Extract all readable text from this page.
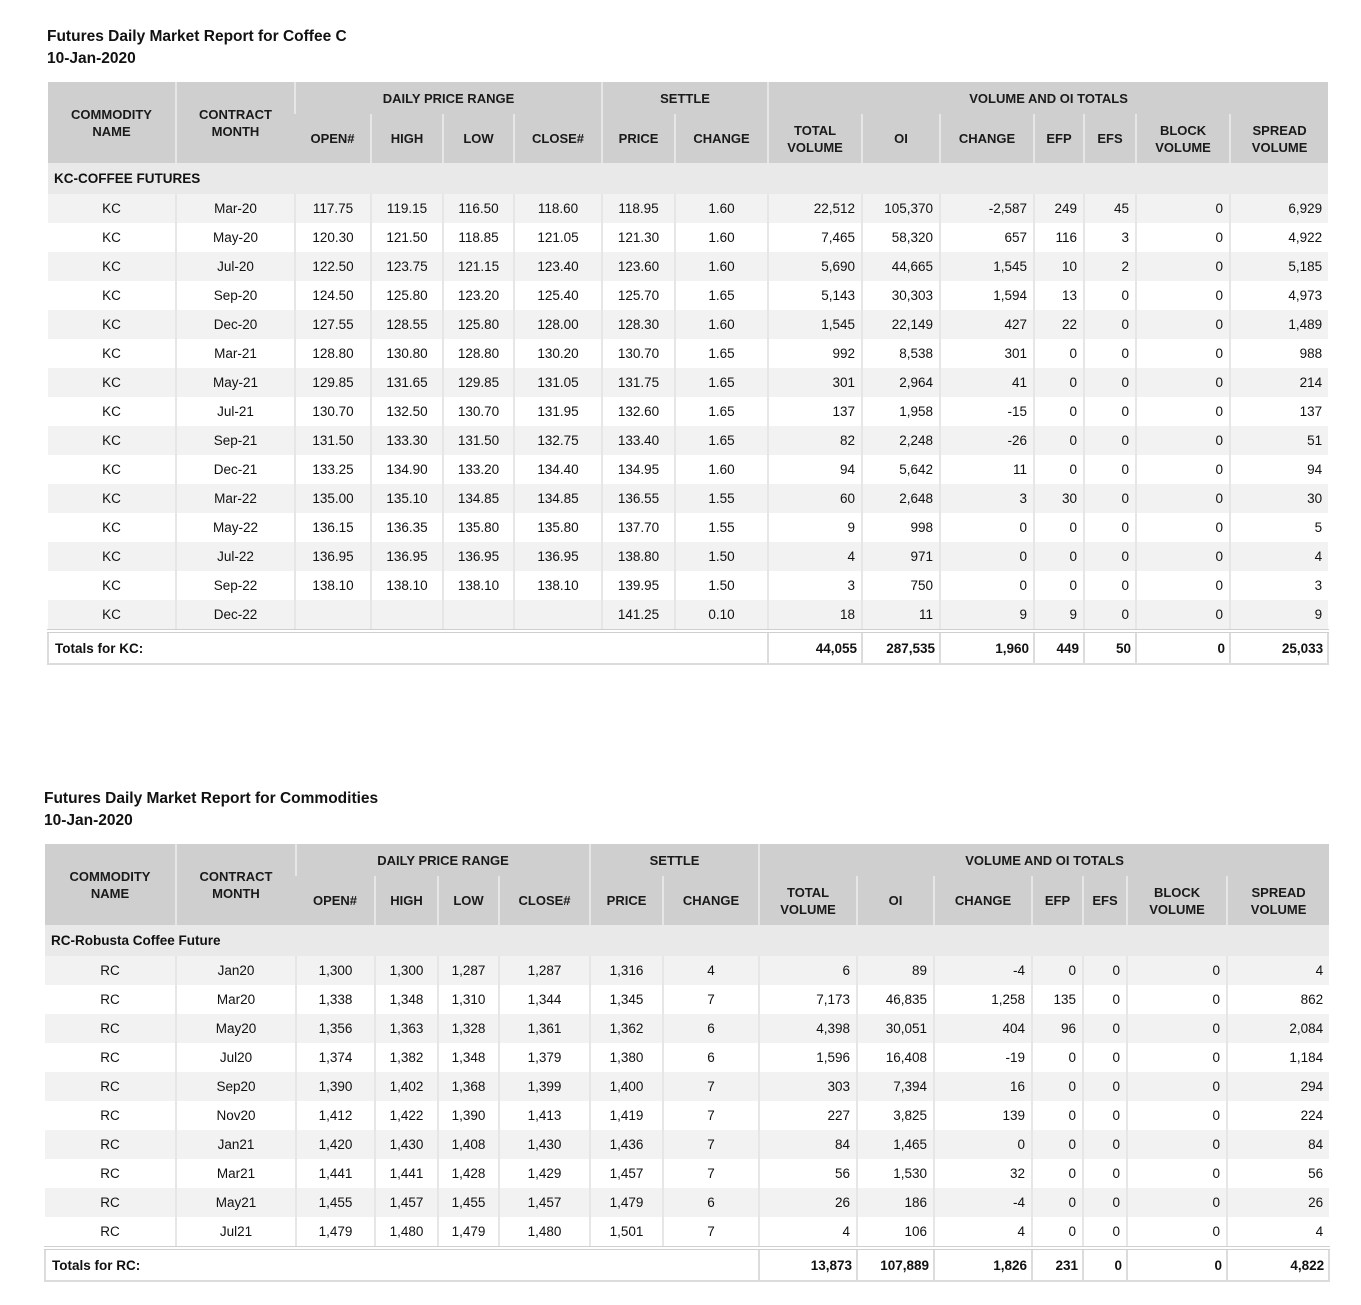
Futures Daily Market Report for Coffee C
10-Jan-2020
COMMODITY NAME	CONTRACT MONTH	DAILY PRICE RANGE				SETTLE		VOLUME AND OI TOTALS						
		OPEN#	HIGH	LOW	CLOSE#	PRICE	CHANGE	TOTAL VOLUME	OI	CHANGE	EFP	EFS	BLOCK VOLUME	SPREAD VOLUME
KC-COFFEE FUTURES														
KC	Mar-20	117.75	119.15	116.50	118.60	118.95	1.60	22,512	105,370	-2,587	249	45	0	6,929
KC	May-20	120.30	121.50	118.85	121.05	121.30	1.60	7,465	58,320	657	116	3	0	4,922
KC	Jul-20	122.50	123.75	121.15	123.40	123.60	1.60	5,690	44,665	1,545	10	2	0	5,185
KC	Sep-20	124.50	125.80	123.20	125.40	125.70	1.65	5,143	30,303	1,594	13	0	0	4,973
KC	Dec-20	127.55	128.55	125.80	128.00	128.30	1.60	1,545	22,149	427	22	0	0	1,489
KC	Mar-21	128.80	130.80	128.80	130.20	130.70	1.65	992	8,538	301	0	0	0	988
KC	May-21	129.85	131.65	129.85	131.05	131.75	1.65	301	2,964	41	0	0	0	214
KC	Jul-21	130.70	132.50	130.70	131.95	132.60	1.65	137	1,958	-15	0	0	0	137
KC	Sep-21	131.50	133.30	131.50	132.75	133.40	1.65	82	2,248	-26	0	0	0	51
KC	Dec-21	133.25	134.90	133.20	134.40	134.95	1.60	94	5,642	11	0	0	0	94
KC	Mar-22	135.00	135.10	134.85	134.85	136.55	1.55	60	2,648	3	30	0	0	30
KC	May-22	136.15	136.35	135.80	135.80	137.70	1.55	9	998	0	0	0	0	5
KC	Jul-22	136.95	136.95	136.95	136.95	138.80	1.50	4	971	0	0	0	0	4
KC	Sep-22	138.10	138.10	138.10	138.10	139.95	1.50	3	750	0	0	0	0	3
KC	Dec-22					141.25	0.10	18	11	9	9	0	0	9
Totals for KC:								44,055	287,535	1,960	449	50	0	25,033
Futures Daily Market Report for Commodities
10-Jan-2020
COMMODITY NAME	CONTRACT MONTH	DAILY PRICE RANGE				SETTLE		VOLUME AND OI TOTALS						
		OPEN#	HIGH	LOW	CLOSE#	PRICE	CHANGE	TOTAL VOLUME	OI	CHANGE	EFP	EFS	BLOCK VOLUME	SPREAD VOLUME
RC-Robusta Coffee Future														
RC	Jan20	1,300	1,300	1,287	1,287	1,316	4	6	89	-4	0	0	0	4
RC	Mar20	1,338	1,348	1,310	1,344	1,345	7	7,173	46,835	1,258	135	0	0	862
RC	May20	1,356	1,363	1,328	1,361	1,362	6	4,398	30,051	404	96	0	0	2,084
RC	Jul20	1,374	1,382	1,348	1,379	1,380	6	1,596	16,408	-19	0	0	0	1,184
RC	Sep20	1,390	1,402	1,368	1,399	1,400	7	303	7,394	16	0	0	0	294
RC	Nov20	1,412	1,422	1,390	1,413	1,419	7	227	3,825	139	0	0	0	224
RC	Jan21	1,420	1,430	1,408	1,430	1,436	7	84	1,465	0	0	0	0	84
RC	Mar21	1,441	1,441	1,428	1,429	1,457	7	56	1,530	32	0	0	0	56
RC	May21	1,455	1,457	1,455	1,457	1,479	6	26	186	-4	0	0	0	26
RC	Jul21	1,479	1,480	1,479	1,480	1,501	7	4	106	4	0	0	0	4
Totals for RC:								13,873	107,889	1,826	231	0	0	4,822
